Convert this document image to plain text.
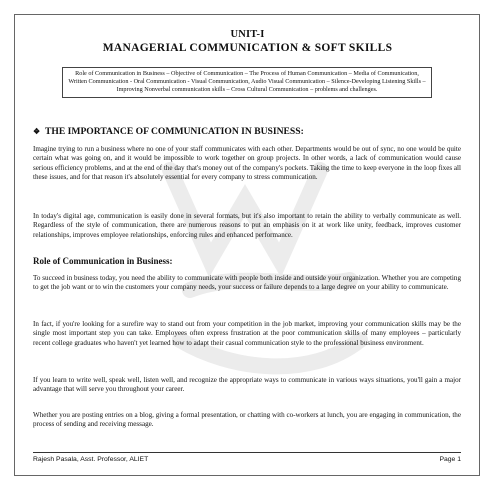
UNIT-I
MANAGERIAL COMMUNICATION & SOFT SKILLS
Role of Communication in Business – Objective of Communication – The Process of Human Communication – Media of Communication, Written Communication - Oral Communication - Visual Communication, Audio Visual Communication – Silence-Developing Listening Skills – Improving Nonverbal communication skills – Cross Cultural Communication – problems and challenges.
❖ THE IMPORTANCE OF COMMUNICATION IN BUSINESS:
Imagine trying to run a business where no one of your staff communicates with each other. Departments would be out of sync, no one would be quite certain what was going on, and it would be impossible to work together on group projects. In other words, a lack of communication would cause serious efficiency problems, and at the end of the day that's money out of the company's pockets. Taking the time to keep everyone in the loop fixes all these issues, and for that reason it's absolutely essential for every company to stress communication.
In today's digital age, communication is easily done in several formats, but it's also important to retain the ability to verbally communicate as well. Regardless of the style of communication, there are numerous reasons to put an emphasis on it at work like unity, feedback, improves customer relationships, improves employee relationships, enforcing rules and enhanced performance.
Role of Communication in Business:
To succeed in business today, you need the ability to communicate with people both inside and outside your organization. Whether you are competing to get the job want or to win the customers your company needs, your success or failure depends to a large degree on your ability to communicate.
In fact, if you're looking for a surefire way to stand out from your competition in the job market, improving your communication skills may be the single most important step you can take. Employees often express frustration at the poor communication skills of many employees – particularly recent college graduates who haven't yet learned how to adapt their casual communication style to the professional business environment.
If you learn to write well, speak well, listen well, and recognize the appropriate ways to communicate in various ways situations, you'll gain a major advantage that will serve you throughout your career.
Whether you are posting entries on a blog, giving a formal presentation, or chatting with co-workers at lunch, you are engaging in communication, the process of sending and receiving message.
Rajesh Pasala, Asst. Professor, ALIET	Page 1
